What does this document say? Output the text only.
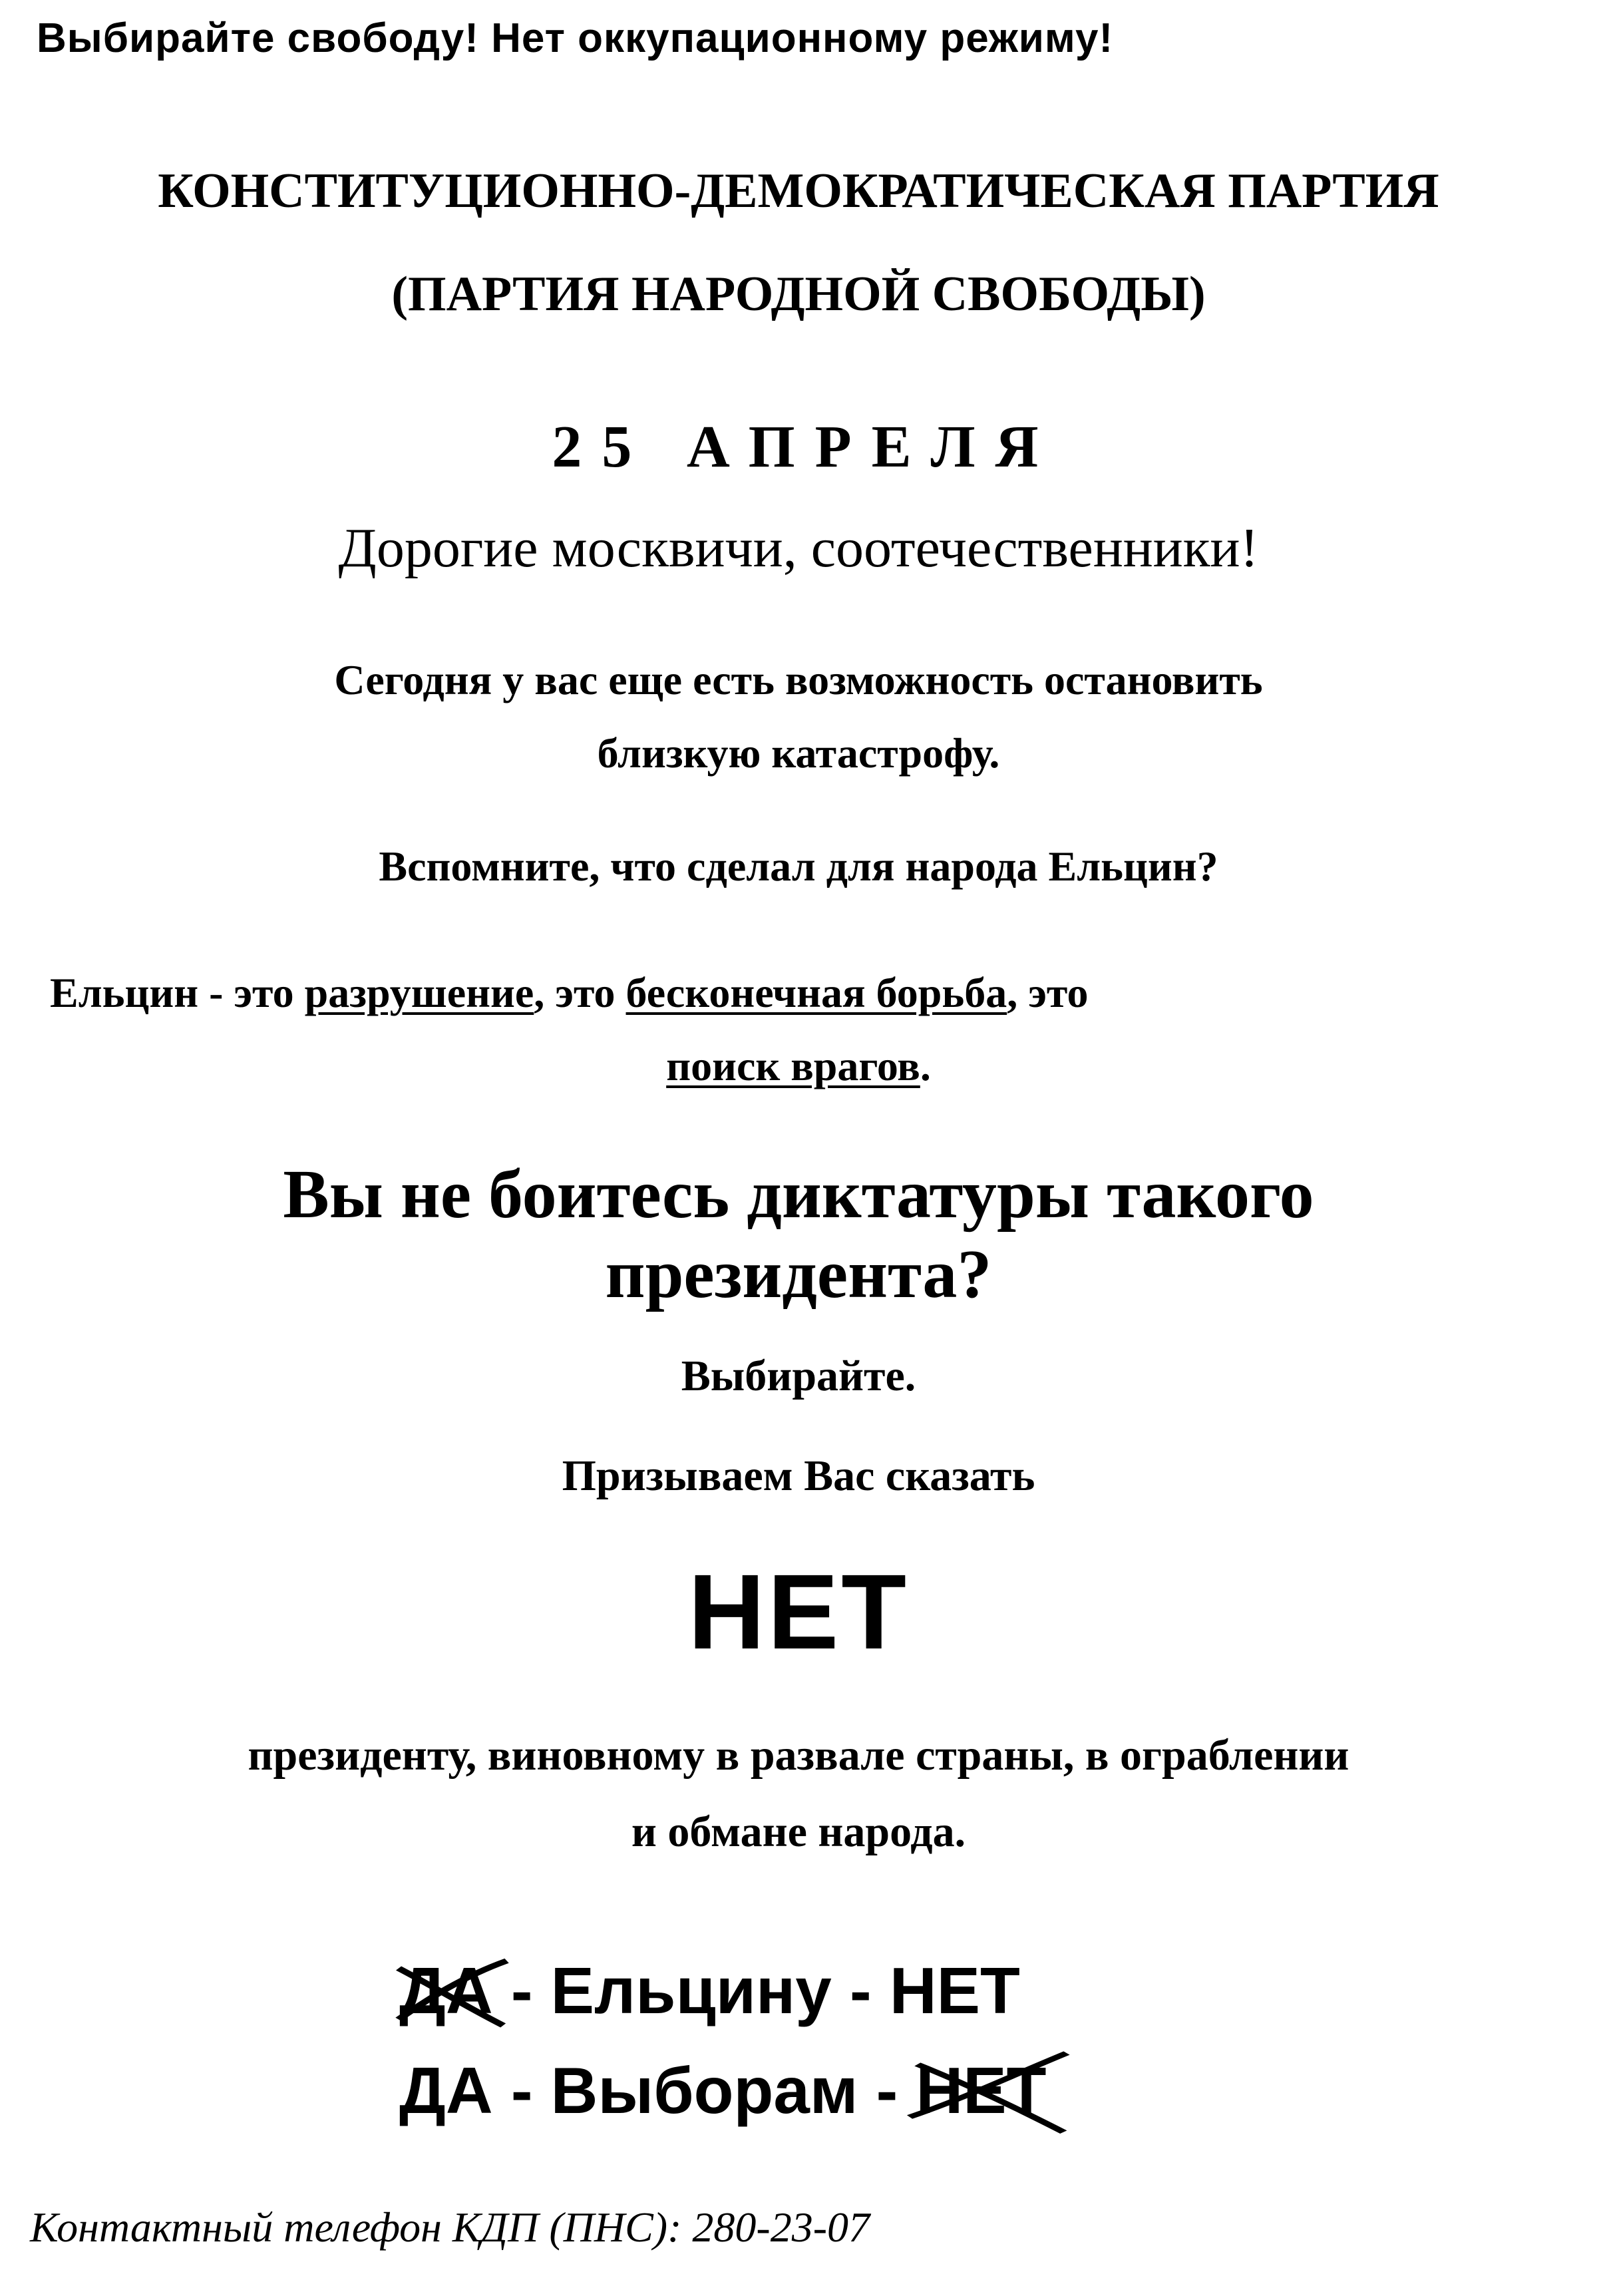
Выбирайте свободу! Нет оккупационному режиму!
КОНСТИТУЦИОННО-ДЕМОКРАТИЧЕСКАЯ ПАРТИЯ
(ПАРТИЯ НАРОДНОЙ СВОБОДЫ)
25 АПРЕЛЯ
Дорогие москвичи, соотечественники!
Сегодня у вас еще есть возможность остановить
близкую катастрофу.
Вспомните, что сделал для народа Ельцин?
Ельцин - это разрушение, это бесконечная борьба, это
поиск врагов.
Вы не боитесь диктатуры такого
президента?
Выбирайте.
Призываем Вас сказать
НЕТ
президенту, виновному в развале страны, в ограблении
и обмане народа.
ДА
- Ельцину - НЕТ
ДА - Выборам - НЕТ
Контактный телефон КДП (ПНС): 280-23-07
